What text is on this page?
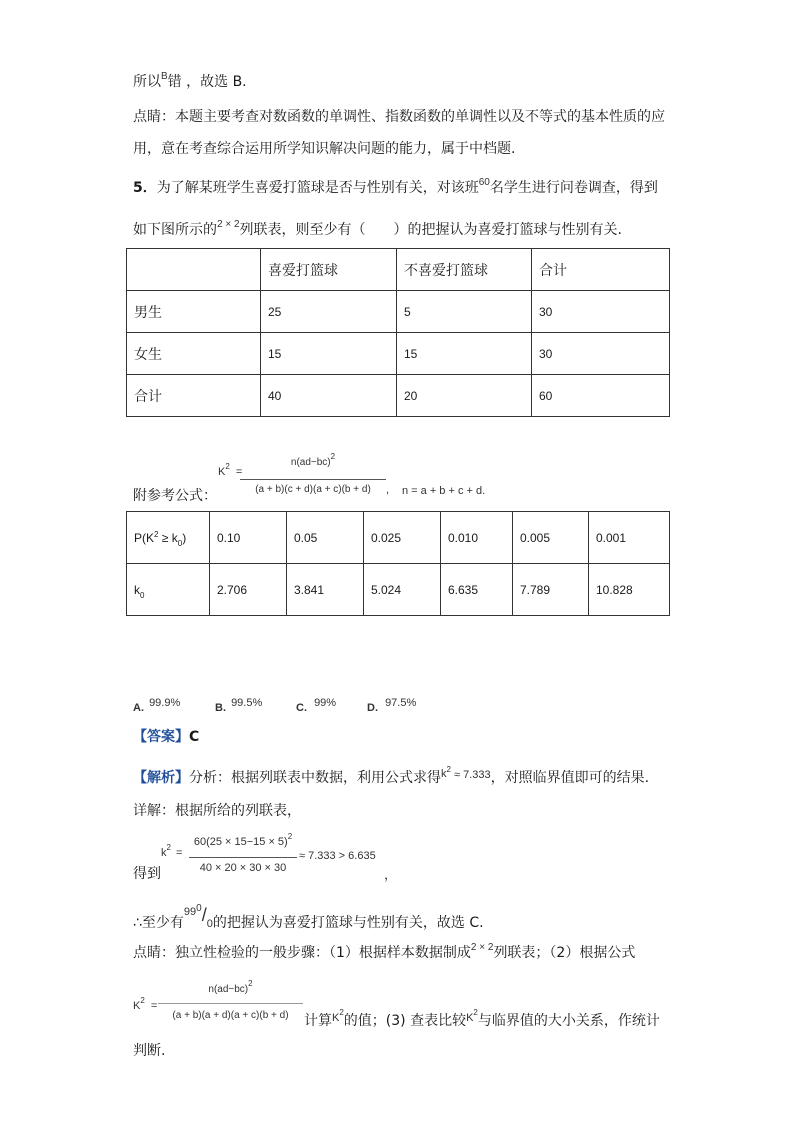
所以$^B$错 ，故选 B.
点睛：本题主要考查对数函数的单调性、指数函数的单调性以及不等式的基本性质的应
用，意在考查综合运用所学知识解决问题的能力，属于中档题.
5．为了解某班学生喜爱打篮球是否与性别有关，对该班$^{60}$名学生进行问卷调查，得到
如下图所示的$^{2 \times 2}$列联表，则至少有（　　）的把握认为喜爱打篮球与性别有关.
	喜爱打篮球	不喜爱打篮球	合计
男生	25	5	30
女生	15	15	30
合计	40	20	60
附参考公式：
$K^2$ =
$n(ad-bc)^2$
(a + b)(c + d)(a + c)(b + d)	, n = a + b + c + d.
$P(K^2 \ge k_0)$	0.10	0.05	0.025	0.010	0.005	0.001
$k_0$	2.706	3.841	5.024	6.635	7.789	10.828
A. 99.9%	B. 99.5%	C. 99%	D. 97.5%
【答案】C
【解析】分析：根据列联表中数据，利用公式求得$k^2 \approx 7.333$，对照临界值即可的结果.
详解：根据所给的列联表，
得到
$k^2$ =
$60(25 \times 15-15 \times 5)^2$
40 × 20 × 30 × 30
≈ 7.333 > 6.635
，
∴至少有$^{990}$/0的把握认为喜爱打篮球与性别有关，故选 C.
点睛：独立性检验的一般步骤：（1）根据样本数据制成$^{2 \times 2}$列联表；（2）根据公式
$K^2$ =
$n(ad-bc)^2$
(a + b)(a + d)(a + c)(b + d)	计算$^{K2}$的值；(3) 查表比较$^{K2}$与临界值的大小关系，作统计
判断.
